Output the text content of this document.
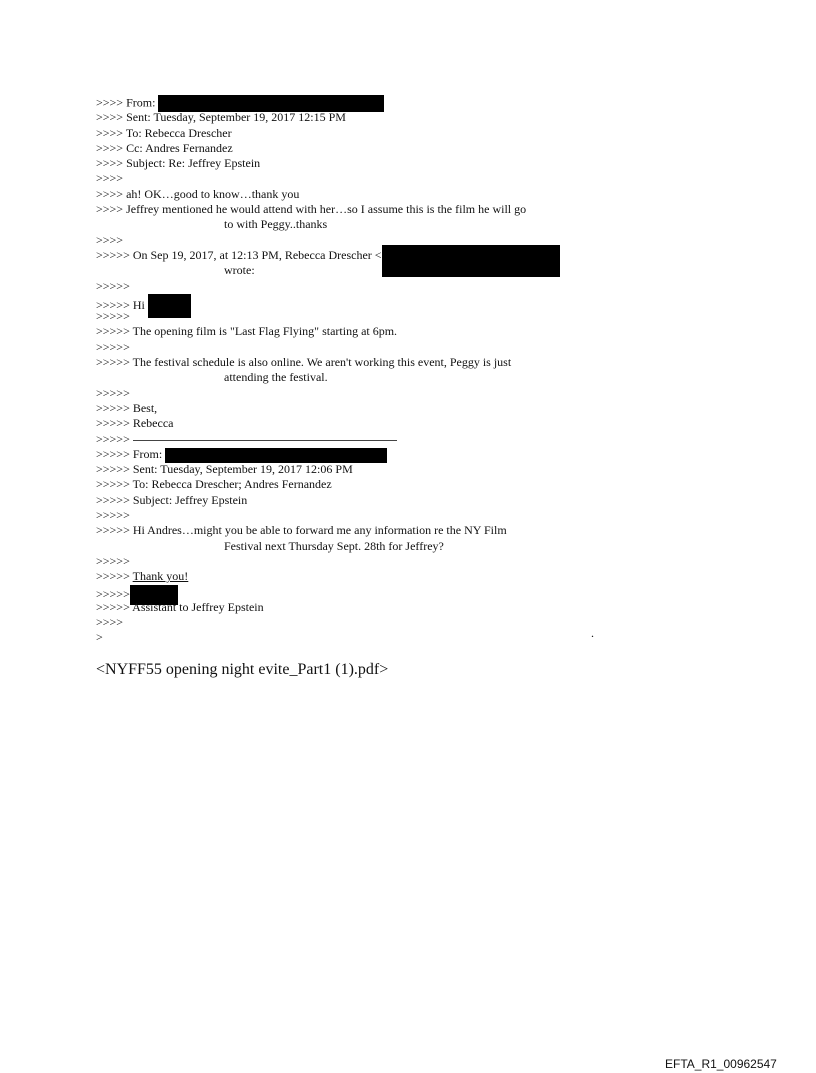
>>>> From:
>>>> Sent: Tuesday, September 19, 2017 12:15 PM
>>>> To: Rebecca Drescher
>>>> Cc: Andres Fernandez
>>>> Subject: Re: Jeffrey Epstein
>>>>
>>>> ah! OK…good to know…thank you
>>>> Jeffrey mentioned he would attend with her…so I assume this is the film he will go
to with Peggy..thanks
>>>>
>>>>> On Sep 19, 2017, at 12:13 PM, Rebecca Drescher <
wrote:
>>>>>
>>>>> Hi
>>>>>
>>>>> The opening film is "Last Flag Flying" starting at 6pm.
>>>>>
>>>>> The festival schedule is also online. We aren't working this event, Peggy is just
attending the festival.
>>>>>
>>>>> Best,
>>>>> Rebecca
>>>>>
>>>>> From:
>>>>> Sent: Tuesday, September 19, 2017 12:06 PM
>>>>> To: Rebecca Drescher; Andres Fernandez
>>>>> Subject: Jeffrey Epstein
>>>>>
>>>>> Hi Andres…might you be able to forward me any information re the NY Film
Festival next Thursday Sept. 28th for Jeffrey?
>>>>>
>>>>> Thank you!
>>>>>
>>>>> Assistant to Jeffrey Epstein
>>>>
>	.
<NYFF55 opening night evite_Part1 (1).pdf>
EFTA_R1_00962547
